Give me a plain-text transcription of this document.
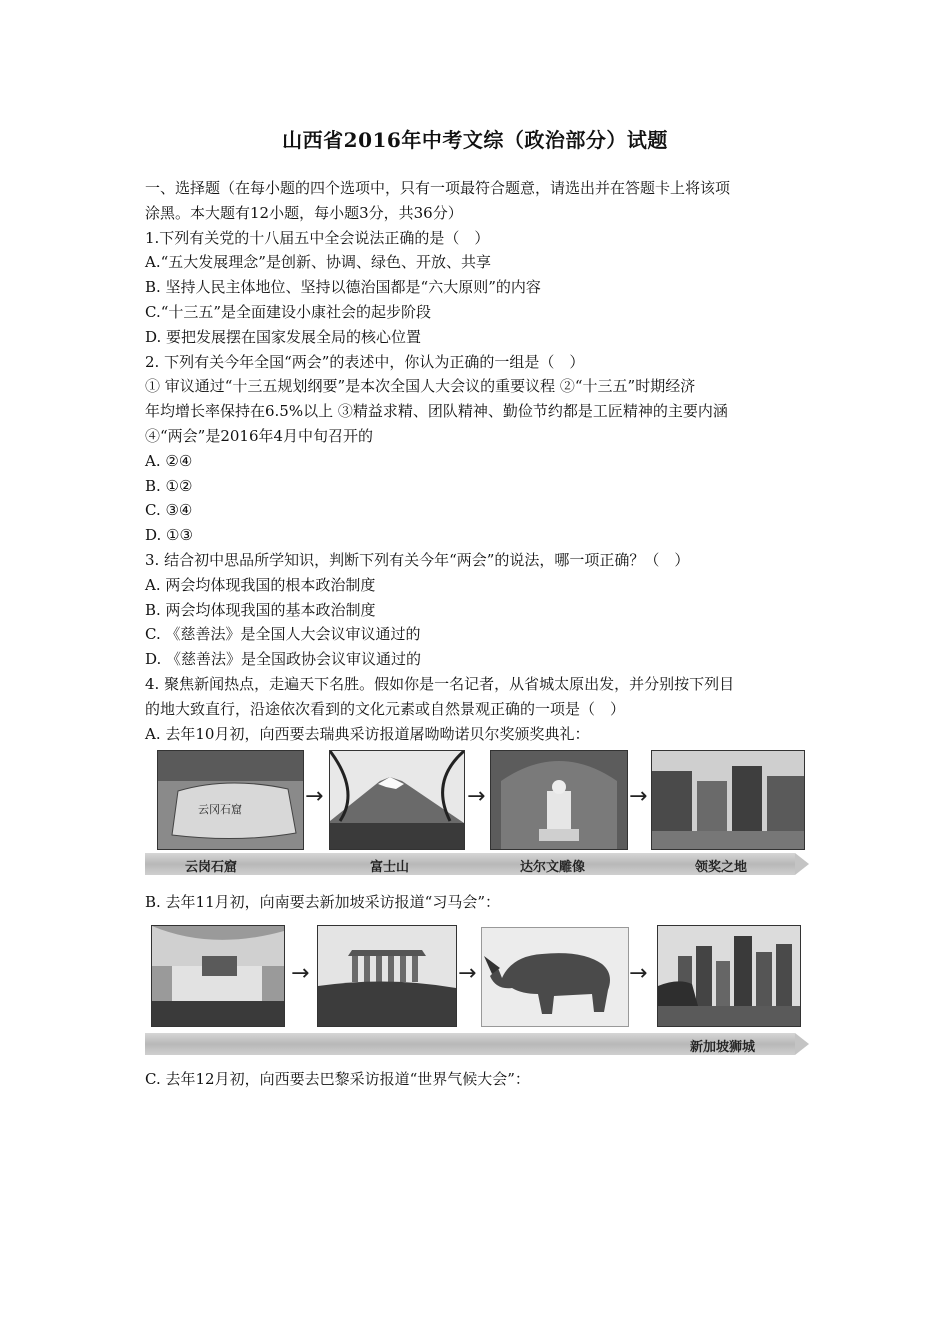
山西省2016年中考文综（政治部分）试题
一、选择题（在每小题的四个选项中，只有一项最符合题意，请选出并在答题卡上将该项
涂黑。本大题有12小题，每小题3分，共36分）
1.下列有关党的十八届五中全会说法正确的是（　）
A.“五大发展理念”是创新、协调、绿色、开放、共享
B. 坚持人民主体地位、坚持以德治国都是“六大原则”的内容
C.“十三五”是全面建设小康社会的起步阶段
D. 要把发展摆在国家发展全局的核心位置
2. 下列有关今年全国“两会”的表述中，你认为正确的一组是（　）
① 审议通过“十三五规划纲要”是本次全国人大会议的重要议程 ②“十三五”时期经济
年均增长率保持在6.5%以上 ③精益求精、团队精神、勤俭节约都是工匠精神的主要内涵
④“两会”是2016年4月中旬召开的
A. ②④
B. ①②
C. ③④
D. ①③
3. 结合初中思品所学知识，判断下列有关今年“两会”的说法，哪一项正确？（　）
A. 两会均体现我国的根本政治制度
B. 两会均体现我国的基本政治制度
C. 《慈善法》是全国人大会议审议通过的
D. 《慈善法》是全国政协会议审议通过的
4. 聚焦新闻热点，走遍天下名胜。假如你是一名记者，从省城太原出发，并分别按下列目
的地大致直行，沿途依次看到的文化元素或自然景观正确的一项是（　）
A. 去年10月初，向西要去瑞典采访报道屠呦呦诺贝尔奖颁奖典礼：
云冈石窟
→	→	→
云岗石窟	富士山	达尔文雕像	领奖之地
B. 去年11月初，向南要去新加坡采访报道“习马会”：
→	→	→
新加坡狮城
C. 去年12月初，向西要去巴黎采访报道“世界气候大会”：
